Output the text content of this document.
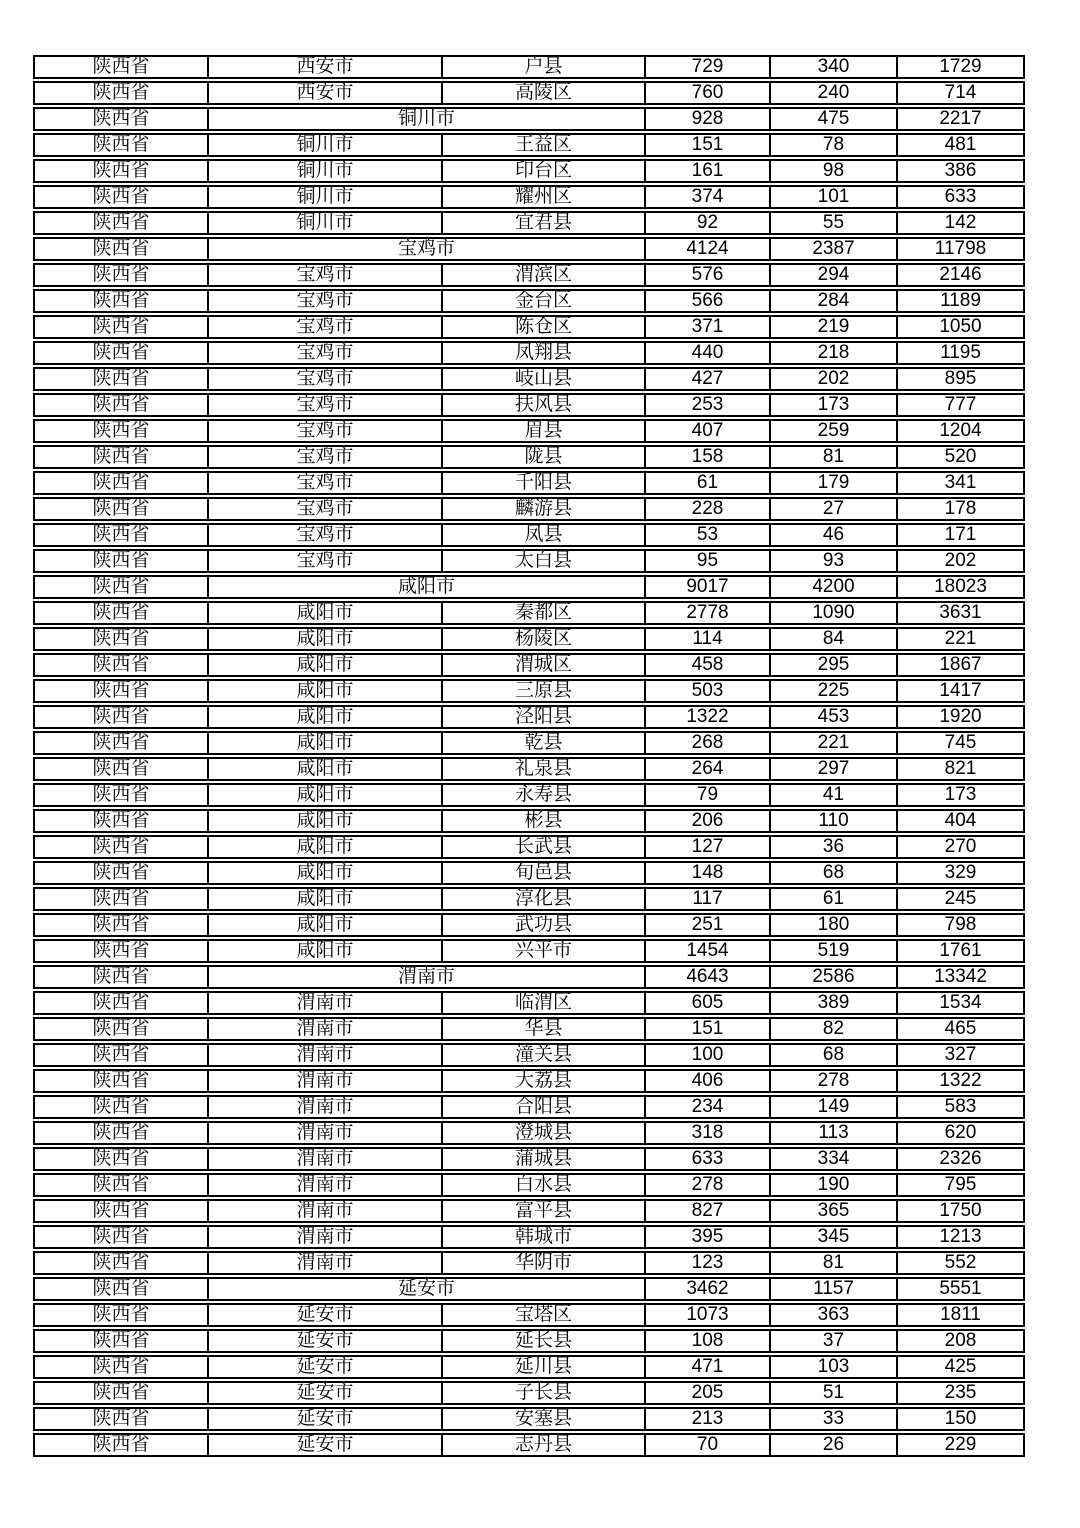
陕西省	西安市	户县	729	340	1729
陕西省	西安市	高陵区	760	240	714
陕西省	铜川市	928	475	2217
陕西省	铜川市	王益区	151	78	481
陕西省	铜川市	印台区	161	98	386
陕西省	铜川市	耀州区	374	101	633
陕西省	铜川市	宜君县	92	55	142
陕西省	宝鸡市	4124	2387	11798
陕西省	宝鸡市	渭滨区	576	294	2146
陕西省	宝鸡市	金台区	566	284	1189
陕西省	宝鸡市	陈仓区	371	219	1050
陕西省	宝鸡市	凤翔县	440	218	1195
陕西省	宝鸡市	岐山县	427	202	895
陕西省	宝鸡市	扶风县	253	173	777
陕西省	宝鸡市	眉县	407	259	1204
陕西省	宝鸡市	陇县	158	81	520
陕西省	宝鸡市	千阳县	61	179	341
陕西省	宝鸡市	麟游县	228	27	178
陕西省	宝鸡市	凤县	53	46	171
陕西省	宝鸡市	太白县	95	93	202
陕西省	咸阳市	9017	4200	18023
陕西省	咸阳市	秦都区	2778	1090	3631
陕西省	咸阳市	杨陵区	114	84	221
陕西省	咸阳市	渭城区	458	295	1867
陕西省	咸阳市	三原县	503	225	1417
陕西省	咸阳市	泾阳县	1322	453	1920
陕西省	咸阳市	乾县	268	221	745
陕西省	咸阳市	礼泉县	264	297	821
陕西省	咸阳市	永寿县	79	41	173
陕西省	咸阳市	彬县	206	110	404
陕西省	咸阳市	长武县	127	36	270
陕西省	咸阳市	旬邑县	148	68	329
陕西省	咸阳市	淳化县	117	61	245
陕西省	咸阳市	武功县	251	180	798
陕西省	咸阳市	兴平市	1454	519	1761
陕西省	渭南市	4643	2586	13342
陕西省	渭南市	临渭区	605	389	1534
陕西省	渭南市	华县	151	82	465
陕西省	渭南市	潼关县	100	68	327
陕西省	渭南市	大荔县	406	278	1322
陕西省	渭南市	合阳县	234	149	583
陕西省	渭南市	澄城县	318	113	620
陕西省	渭南市	蒲城县	633	334	2326
陕西省	渭南市	白水县	278	190	795
陕西省	渭南市	富平县	827	365	1750
陕西省	渭南市	韩城市	395	345	1213
陕西省	渭南市	华阴市	123	81	552
陕西省	延安市	3462	1157	5551
陕西省	延安市	宝塔区	1073	363	1811
陕西省	延安市	延长县	108	37	208
陕西省	延安市	延川县	471	103	425
陕西省	延安市	子长县	205	51	235
陕西省	延安市	安塞县	213	33	150
陕西省	延安市	志丹县	70	26	229
